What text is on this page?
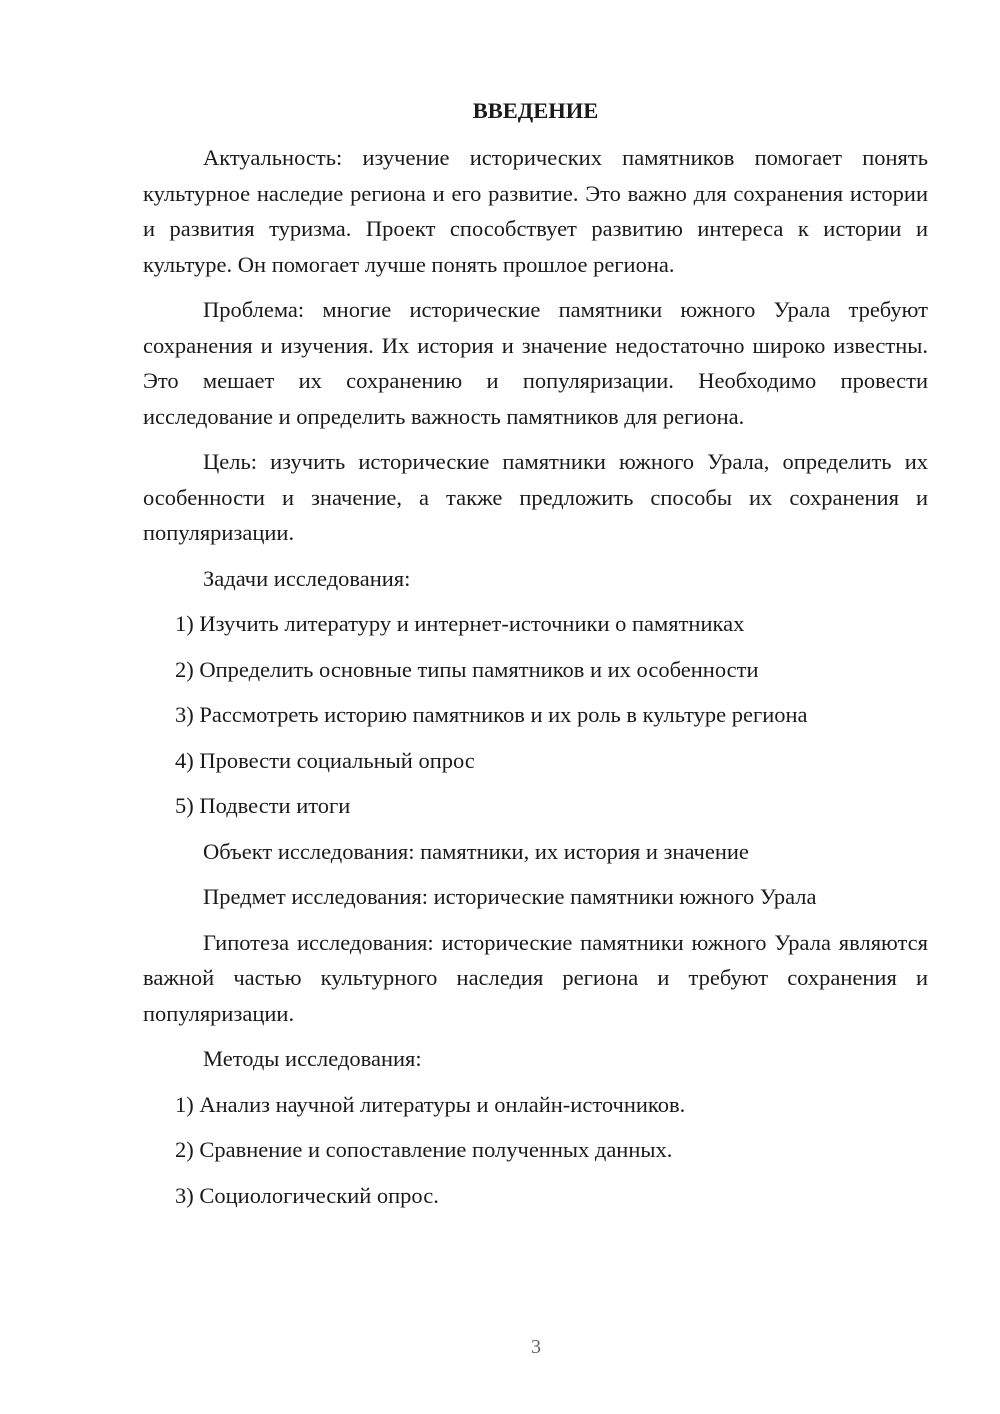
ВВЕДЕНИЕ

Актуальность: изучение исторических памятников помогает понять культурное наследие региона и его развитие. Это важно для сохранения истории и развития туризма. Проект способствует развитию интереса к истории и культуре. Он помогает лучше понять прошлое региона.

Проблема: многие исторические памятники южного Урала требуют сохранения и изучения. Их история и значение недостаточно широко известны. Это мешает их сохранению и популяризации. Необходимо провести исследование и определить важность памятников для региона.

Цель: изучить исторические памятники южного Урала, определить их особенности и значение, а также предложить способы их сохранения и популяризации.

Задачи исследования:

1) Изучить литературу и интернет-источники о памятниках

2) Определить основные типы памятников и их особенности

3) Рассмотреть историю памятников и их роль в культуре региона

4) Провести социальный опрос

5) Подвести итоги

Объект исследования: памятники, их история и значение

Предмет исследования: исторические памятники южного Урала

Гипотеза исследования: исторические памятники южного Урала являются важной частью культурного наследия региона и требуют сохранения и популяризации.

Методы исследования:

1) Анализ научной литературы и онлайн-источников.

2) Сравнение и сопоставление полученных данных.

3) Социологический опрос.

3
